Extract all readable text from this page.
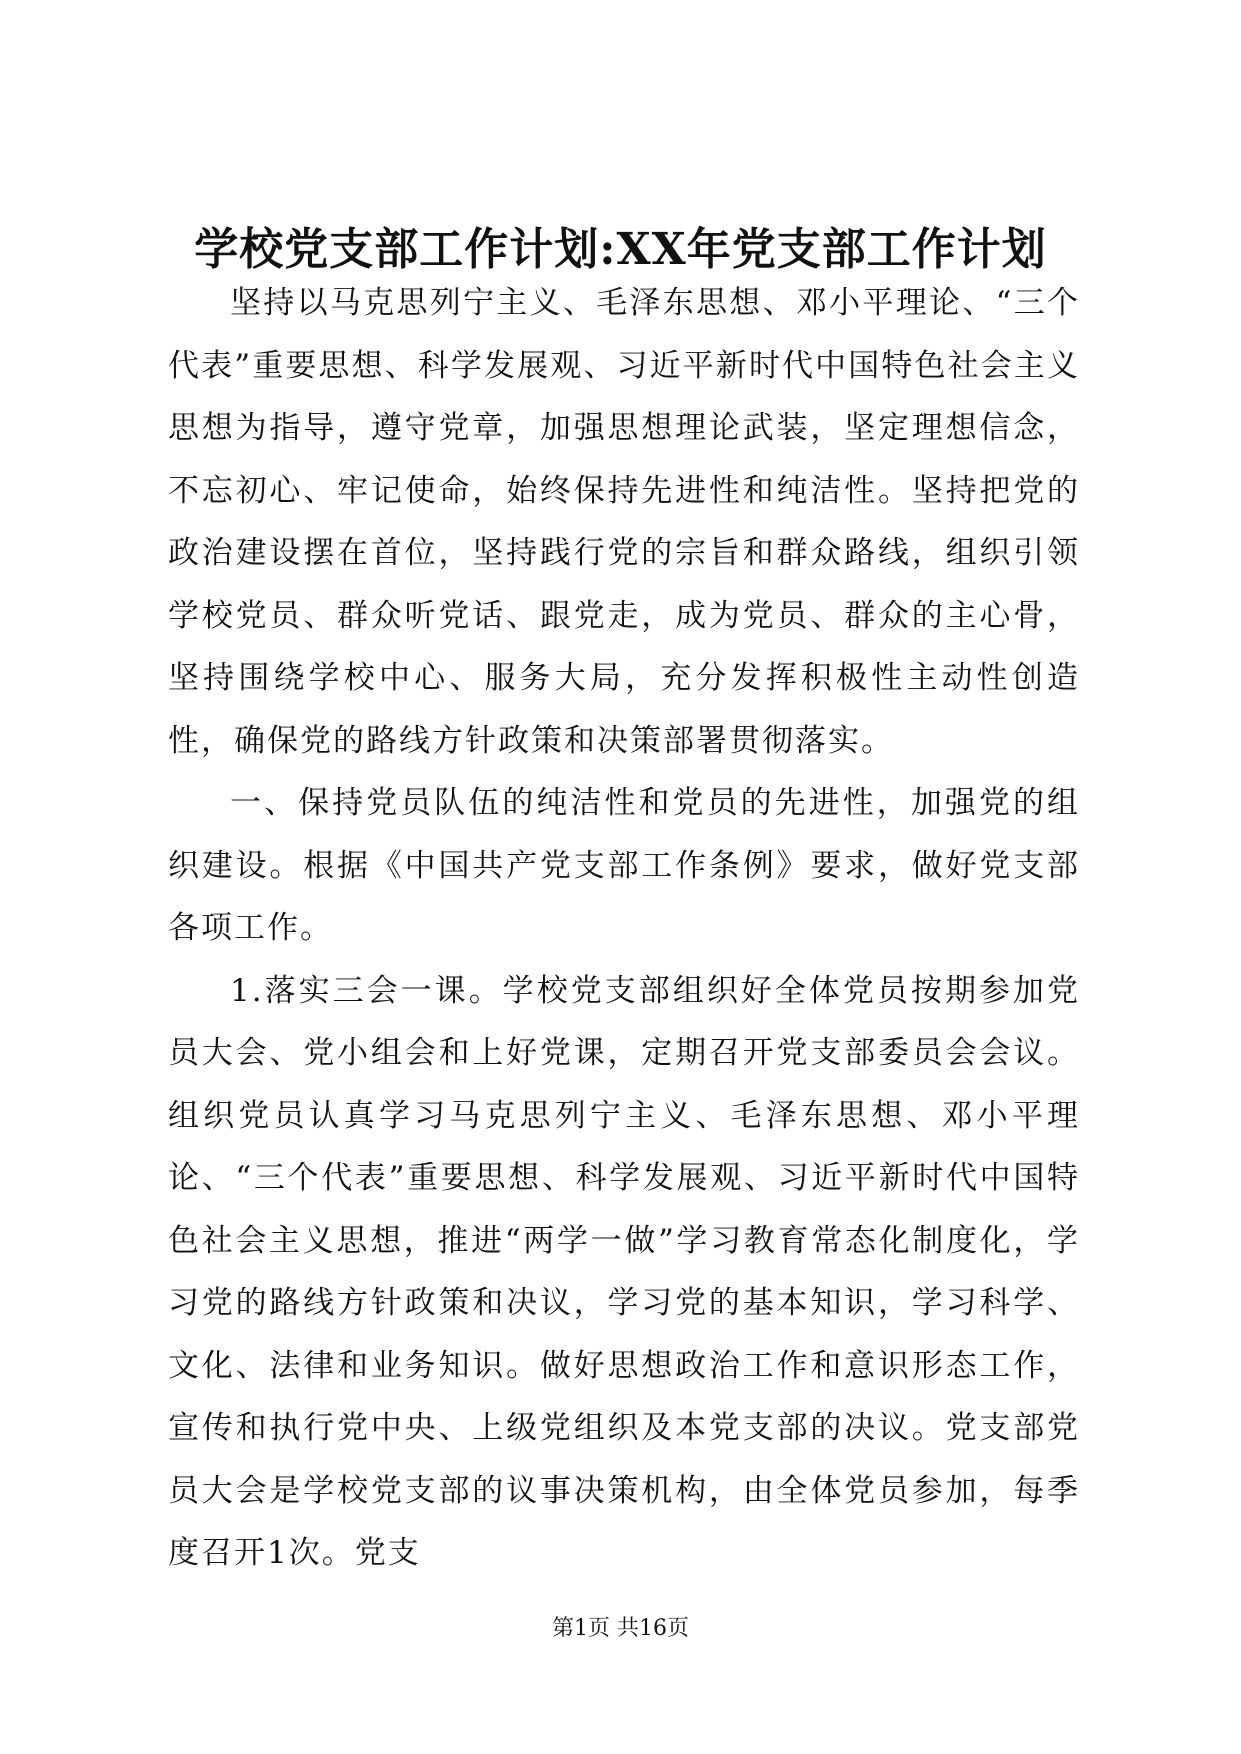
学校党支部工作计划:XX年党支部工作计划

坚持以马克思列宁主义、毛泽东思想、邓小平理论、“三个代表”重要思想、科学发展观、习近平新时代中国特色社会主义思想为指导，遵守党章，加强思想理论武装，坚定理想信念，不忘初心、牢记使命，始终保持先进性和纯洁性。坚持把党的政治建设摆在首位，坚持践行党的宗旨和群众路线，组织引领学校党员、群众听党话、跟党走，成为党员、群众的主心骨，坚持围绕学校中心、服务大局，充分发挥积极性主动性创造性，确保党的路线方针政策和决策部署贯彻落实。

一、保持党员队伍的纯洁性和党员的先进性，加强党的组织建设。根据《中国共产党支部工作条例》要求，做好党支部各项工作。

1.落实三会一课。学校党支部组织好全体党员按期参加党员大会、党小组会和上好党课，定期召开党支部委员会会议。组织党员认真学习马克思列宁主义、毛泽东思想、邓小平理论、“三个代表”重要思想、科学发展观、习近平新时代中国特色社会主义思想，推进“两学一做”学习教育常态化制度化，学习党的路线方针政策和决议，学习党的基本知识，学习科学、文化、法律和业务知识。做好思想政治工作和意识形态工作，宣传和执行党中央、上级党组织及本党支部的决议。党支部党员大会是学校党支部的议事决策机构，由全体党员参加，每季度召开1次。党支

第1页 共16页
